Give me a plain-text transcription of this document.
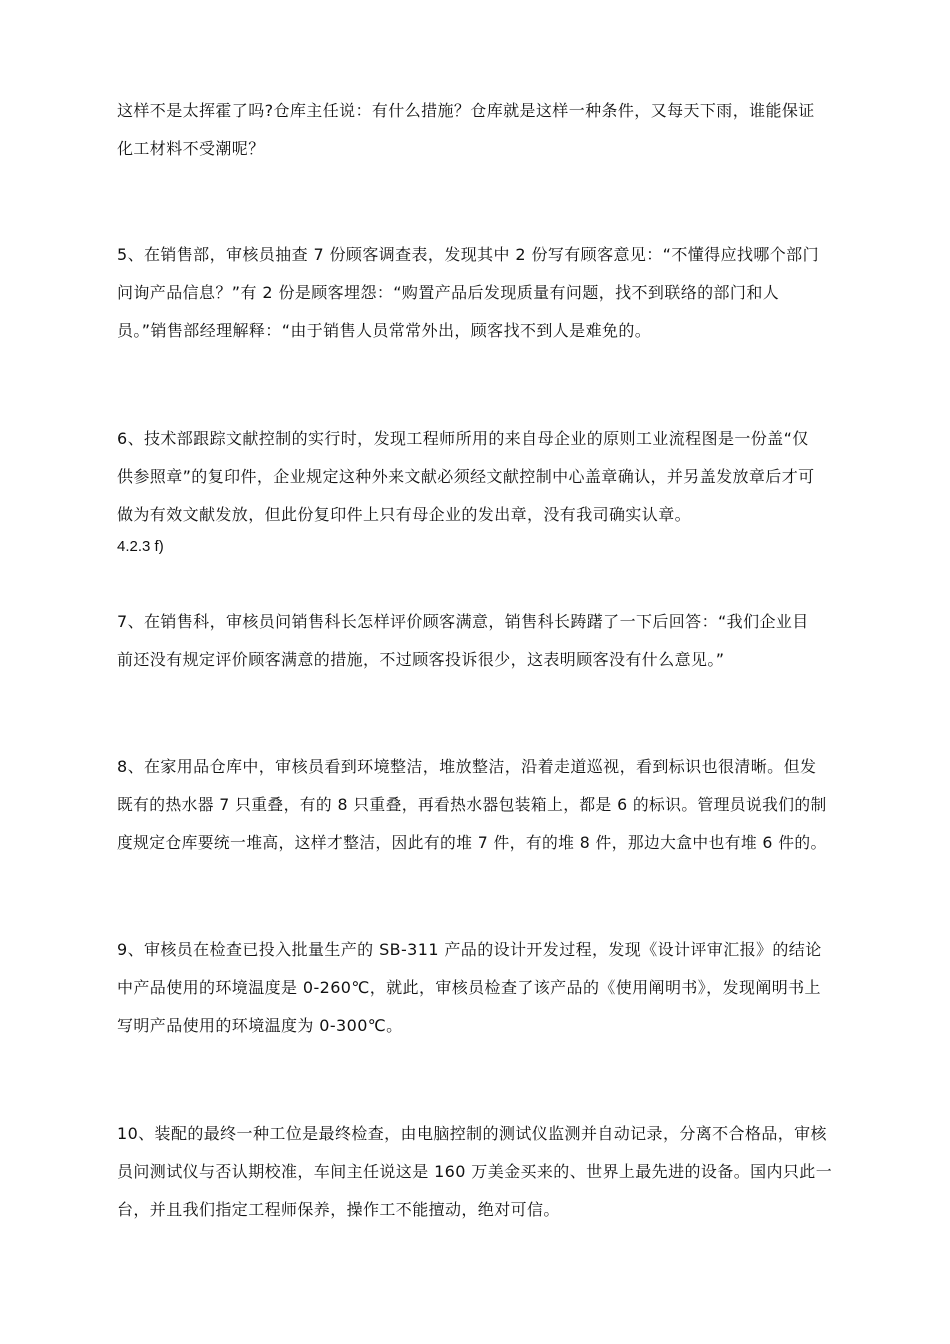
这样不是太挥霍了吗?仓库主任说：有什么措施？仓库就是这样一种条件，又每天下雨，谁能保证
化工材料不受潮呢？
5、在销售部，审核员抽查 7 份顾客调查表，发现其中 2 份写有顾客意见：“不懂得应找哪个部门
问询产品信息？”有 2 份是顾客埋怨：“购置产品后发现质量有问题，找不到联络的部门和人
员。”销售部经理解释：“由于销售人员常常外出，顾客找不到人是难免的。
6、技术部跟踪文献控制的实行时，发现工程师所用的来自母企业的原则工业流程图是一份盖“仅
供参照章”的复印件，企业规定这种外来文献必须经文献控制中心盖章确认，并另盖发放章后才可
做为有效文献发放，但此份复印件上只有母企业的发出章，没有我司确实认章。
4.2.3 f)
7、在销售科，审核员问销售科长怎样评价顾客满意，销售科长踌躇了一下后回答：“我们企业目
前还没有规定评价顾客满意的措施，不过顾客投诉很少，这表明顾客没有什么意见。”
8、在家用品仓库中，审核员看到环境整洁，堆放整洁，沿着走道巡视，看到标识也很清晰。但发
既有的热水器 7 只重叠，有的 8 只重叠，再看热水器包装箱上，都是 6 的标识。管理员说我们的制
度规定仓库要统一堆高，这样才整洁，因此有的堆 7 件，有的堆 8 件，那边大盒中也有堆 6 件的。
9、审核员在检查已投入批量生产的 SB-311 产品的设计开发过程，发现《设计评审汇报》的结论
中产品使用的环境温度是 0-260℃，就此，审核员检查了该产品的《使用阐明书》，发现阐明书上
写明产品使用的环境温度为 0-300℃。
10、装配的最终一种工位是最终检查，由电脑控制的测试仪监测并自动记录，分离不合格品，审核
员问测试仪与否认期校准，车间主任说这是 160 万美金买来的、世界上最先进的设备。国内只此一
台，并且我们指定工程师保养，操作工不能擅动，绝对可信。
